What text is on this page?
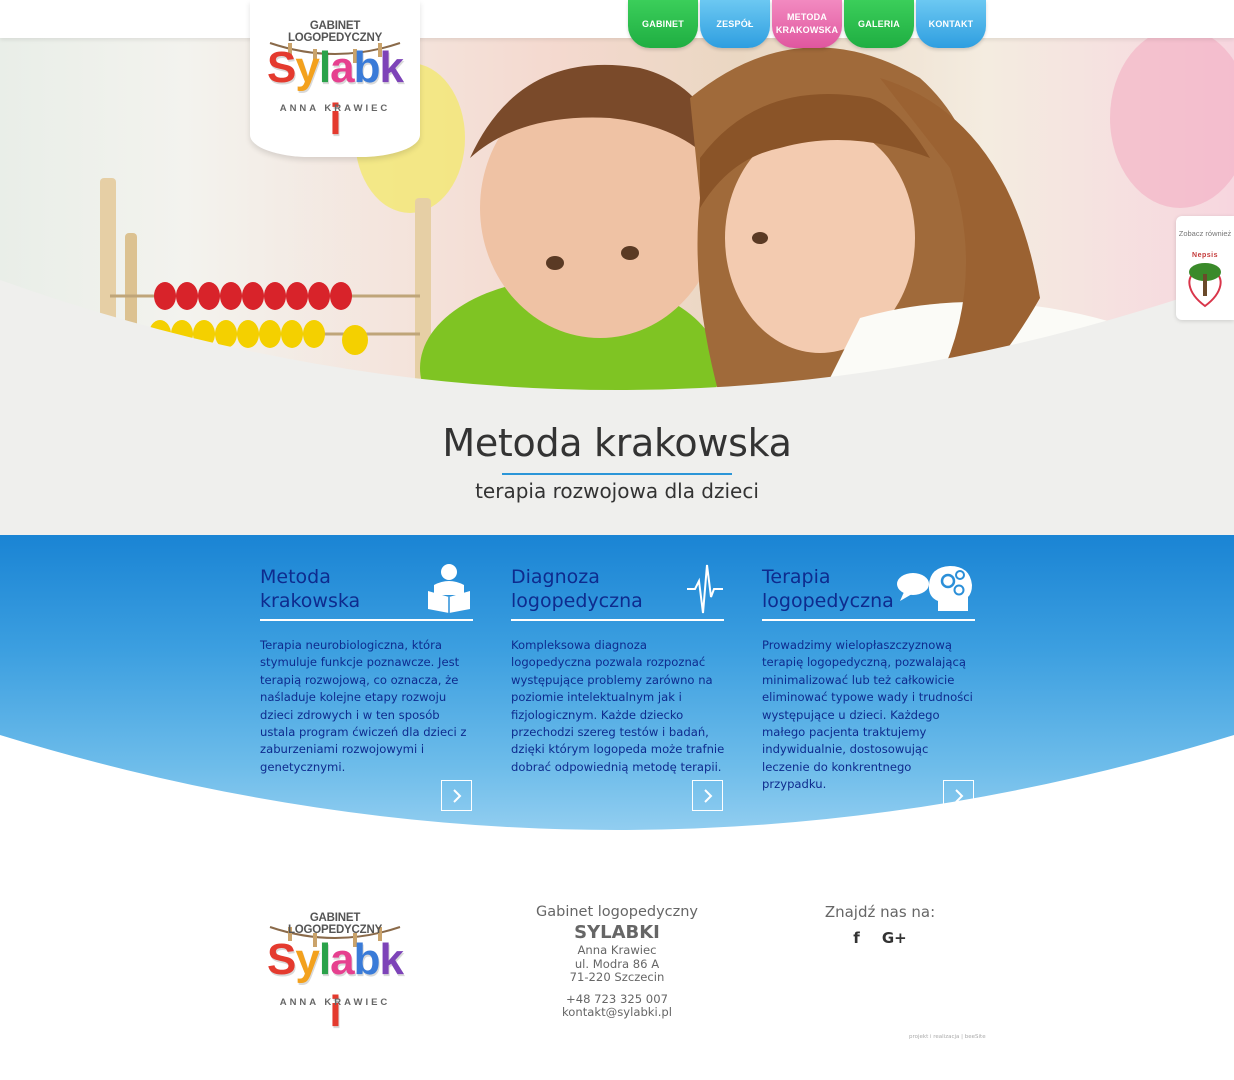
GABINET	ZESPÓŁ
METODA KRAKOWSKA
GALERIA	KONTAKT
GABINET LOGOPEDYCZNY
Sylabki
ANNA KRAWIEC
Zobacz również
Nepsis
Metoda krakowska
terapia rozwojowa dla dzieci
Metoda krakowska
Terapia neurobiologiczna, która stymuluje funkcje poznawcze. Jest terapią rozwojową, co oznacza, że naśladuje kolejne etapy rozwoju dzieci zdrowych i w ten sposób ustala program ćwiczeń dla dzieci z zaburzeniami rozwojowymi i genetycznymi.
Diagnoza logopedyczna
Kompleksowa diagnoza logopedyczna pozwala rozpoznać występujące problemy zarówno na poziomie intelektualnym jak i fizjologicznym. Każde dziecko przechodzi szereg testów i badań, dzięki którym logopeda może trafnie dobrać odpowiednią metodę terapii.
Terapia logopedyczna
Prowadzimy wielopłaszczyznową terapię logopedyczną, pozwalającą minimalizować lub też całkowicie eliminować typowe wady i trudności występujące u dzieci. Każdego małego pacjenta traktujemy indywidualnie, dostosowując leczenie do konkrentnego przypadku.
GABINET LOGOPEDYCZNY
Sylabki
ANNA KRAWIEC
Gabinet logopedyczny
SYLABKI
Anna Krawiec
ul. Modra 86 A
71-220 Szczecin
+48 723 325 007
kontakt@sylabki.pl
Znajdź nas na:
f G+
projekt i realizacja | beeSite
